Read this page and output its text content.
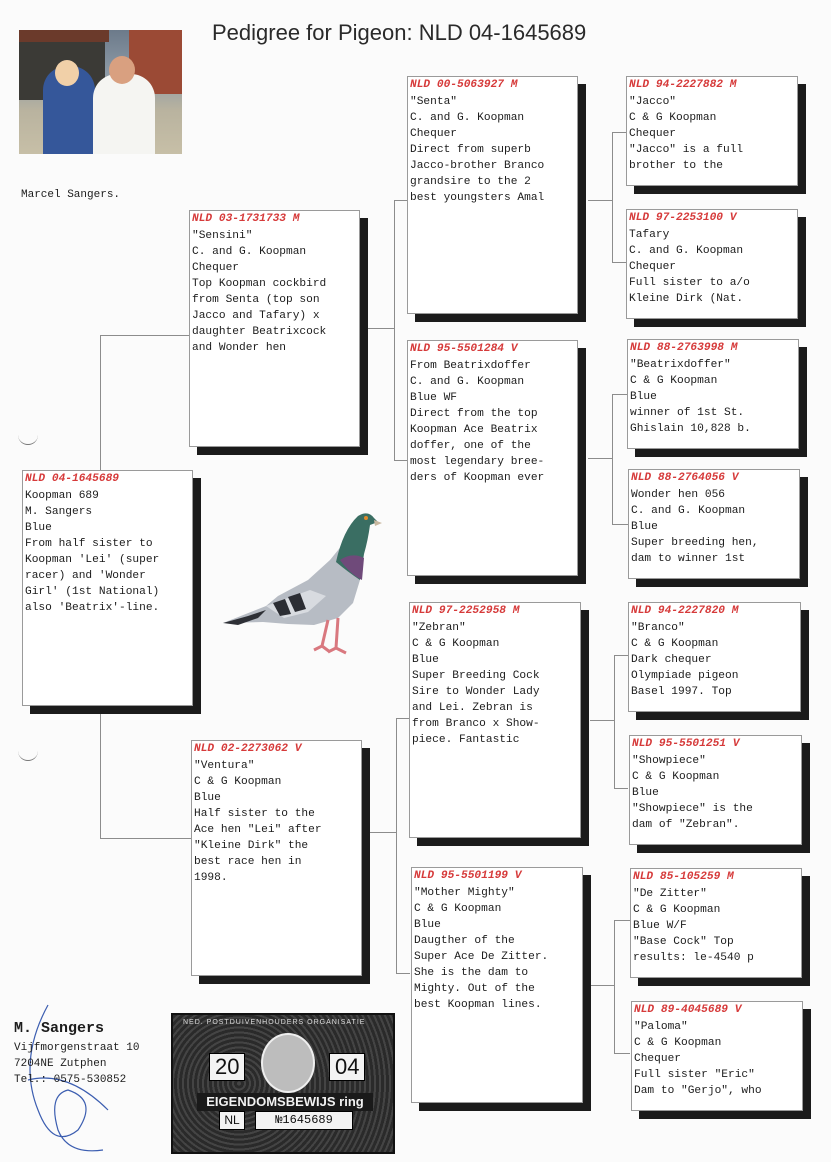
Pedigree for Pigeon: NLD 04-1645689
Marcel Sangers.
NLD 04-1645689
Koopman 689
M. Sangers
Blue
From half sister to
Koopman 'Lei' (super
racer) and 'Wonder
Girl' (1st National)
also 'Beatrix'-line.
NLD 03-1731733 M
"Sensini"
C. and G. Koopman
Chequer
Top Koopman cockbird
from Senta (top son
Jacco and Tafary) x
daughter Beatrixcock
and Wonder hen
NLD 02-2273062 V
"Ventura"
C & G Koopman
Blue
Half sister to the
Ace hen "Lei" after
"Kleine Dirk" the
best race hen in
1998.
NLD 00-5063927 M
"Senta"
C. and G. Koopman
Chequer
Direct from superb
Jacco-brother Branco
grandsire to the 2
best youngsters Amal
NLD 95-5501284 V
From Beatrixdoffer
C. and G. Koopman
Blue WF
Direct from the top
Koopman Ace Beatrix
doffer, one of the
most legendary bree-
ders of Koopman ever
NLD 97-2252958 M
"Zebran"
C & G Koopman
Blue
Super Breeding Cock
Sire to Wonder Lady
and Lei. Zebran is
from Branco x Show-
piece. Fantastic
NLD 95-5501199 V
"Mother Mighty"
C & G Koopman
Blue
Daugther of the
Super Ace De Zitter.
She is the dam to
Mighty. Out of the
best Koopman lines.
NLD 94-2227882 M
"Jacco"
C & G Koopman
Chequer
"Jacco" is a full
brother to the
NLD 97-2253100 V
Tafary
C. and G. Koopman
Chequer
Full sister to a/o
Kleine Dirk (Nat.
NLD 88-2763998 M
"Beatrixdoffer"
C & G Koopman
Blue
winner of 1st St.
Ghislain 10,828 b.
NLD 88-2764056 V
Wonder hen 056
C. and G. Koopman
Blue
Super breeding hen,
dam to winner 1st
NLD 94-2227820 M
"Branco"
C & G Koopman
Dark chequer
Olympiade pigeon
Basel 1997. Top
NLD 95-5501251 V
"Showpiece"
C & G Koopman
Blue
"Showpiece" is the
dam of "Zebran".
NLD 85-105259 M
"De Zitter"
C & G Koopman
Blue W/F
"Base Cock" Top
results: le-4540 p
NLD 89-4045689 V
"Paloma"
C & G Koopman
Chequer
Full sister "Eric"
Dam to "Gerjo", who
M. Sangers
Vijfmorgenstraat 10
7204NE Zutphen
Tel.: 0575-530852
NED. POSTDUIVENHOUDERS ORGANISATIE
20	04
EIGENDOMSBEWIJS ring
NL	№1645689
